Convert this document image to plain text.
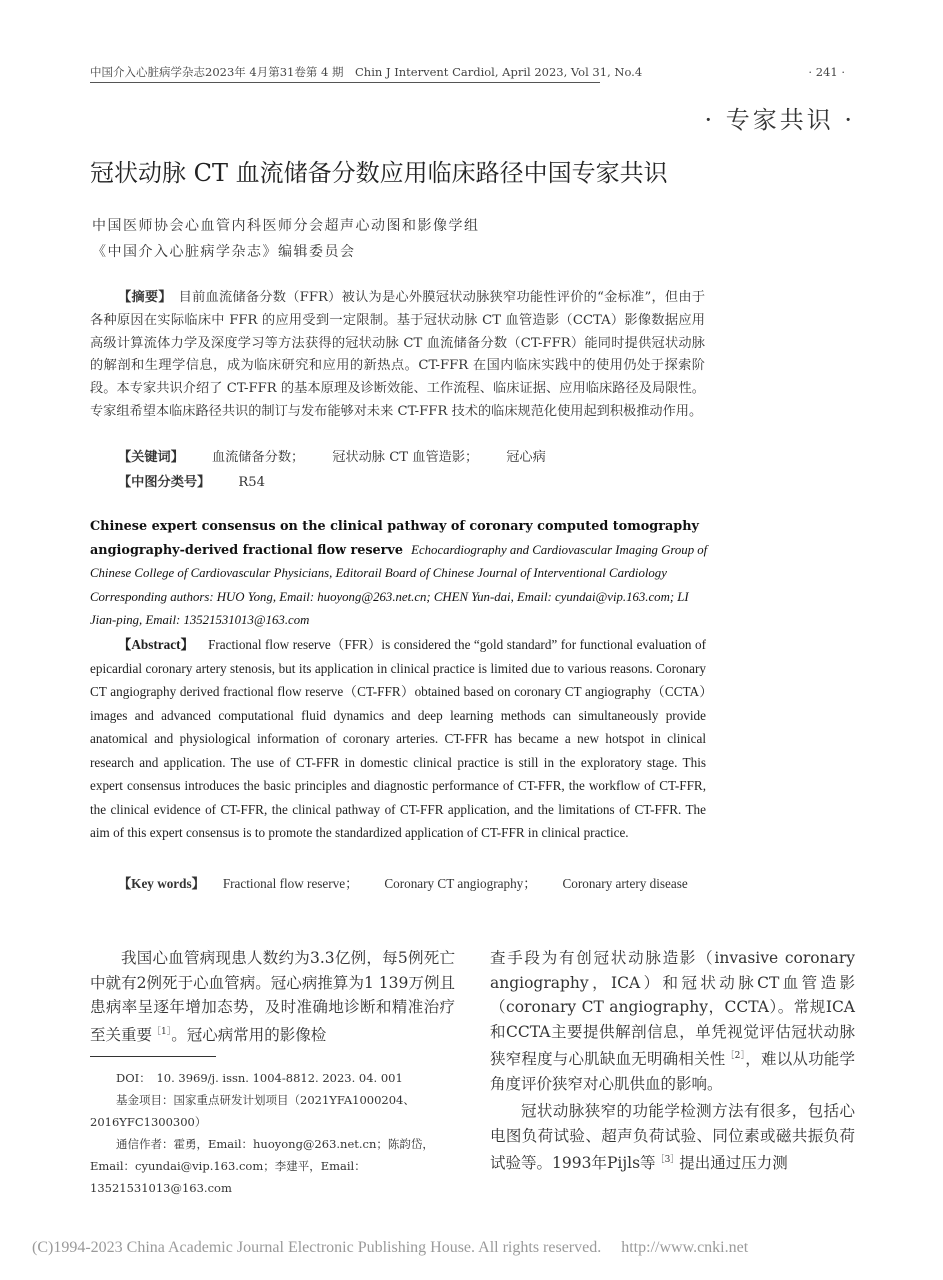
中国介入心脏病学杂志2023年 4月第31卷第 4 期　Chin J Intervent Cardiol, April 2023, Vol 31, No.4	· 241 ·
· 专家共识 ·
冠状动脉 CT 血流储备分数应用临床路径中国专家共识
中国医师协会心血管内科医师分会超声心动图和影像学组
《中国介入心脏病学杂志》编辑委员会

【摘要】　 目前血流储备分数（FFR）被认为是心外膜冠状动脉狭窄功能性评价的“金标准”，但由于各种原因在实际临床中 FFR 的应用受到一定限制。基于冠状动脉 CT 血管造影（CCTA）影像数据应用高级计算流体力学及深度学习等方法获得的冠状动脉 CT 血流储备分数（CT-FFR）能同时提供冠状动脉的解剖和生理学信息，成为临床研究和应用的新热点。CT-FFR 在国内临床实践中的使用仍处于探索阶段。本专家共识介绍了 CT-FFR 的基本原理及诊断效能、工作流程、临床证据、应用临床路径及局限性。专家组希望本临床路径共识的制订与发布能够对未来 CT-FFR 技术的临床规范化使用起到积极推动作用。

【关键词】 血流储备分数； 冠状动脉 CT 血管造影； 冠心病
【中图分类号】 R54
Chinese expert consensus on the clinical pathway of coronary computed tomography angiography-derived fractional flow reserve Echocardiography and Cardiovascular Imaging Group of Chinese College of Cardiovascular Physicians, Editorail Board of Chinese Journal of Interventional Cardiology
Corresponding authors: HUO Yong, Email: huoyong@263.net.cn; CHEN Yun-dai, Email: cyundai@vip.163.com; LI Jian-ping, Email: 13521531013@163.com

【Abstract】 Fractional flow reserve（FFR）is considered the “gold standard” for functional evaluation of epicardial coronary artery stenosis, but its application in clinical practice is limited due to various reasons. Coronary CT angiography derived fractional flow reserve（CT-FFR）obtained based on coronary CT angiography（CCTA）images and advanced computational fluid dynamics and deep learning methods can simultaneously provide anatomical and physiological information of coronary arteries. CT-FFR has became a new hotspot in clinical research and application. The use of CT-FFR in domestic clinical practice is still in the exploratory stage. This expert consensus introduces the basic principles and diagnostic performance of CT-FFR, the workflow of CT-FFR, the clinical evidence of CT-FFR, the clinical pathway of CT-FFR application, and the limitations of CT-FFR. The aim of this expert consensus is to promote the standardized application of CT-FFR in clinical practice.

【Key words】 Fractional flow reserve； Coronary CT angiography； Coronary artery disease

我国心血管病现患人数约为3.3亿例，每5例死亡中就有2例死于心血管病。冠心病推算为1 139万例且患病率呈逐年增加态势，及时准确地诊断和精准治疗至关重要$^{[1]}$。冠心病常用的影像检

查手段为有创冠状动脉造影（invasive coronary angiography，ICA）和冠状动脉CT血管造影（coronary CT angiography，CCTA）。常规ICA和CCTA主要提供解剖信息，单凭视觉评估冠状动脉狭窄程度与心肌缺血无明确相关性$^{[2]}$，难以从功能学角度评价狭窄对心肌供血的影响。

冠状动脉狭窄的功能学检测方法有很多，包括心电图负荷试验、超声负荷试验、同位素或磁共振负荷试验等。1993年Pijls等$^{[3]}$提出通过压力测

DOI：　10. 3969/j. issn. 1004-8812. 2023. 04. 001

基金项目：国家重点研发计划项目（2021YFA1000204、2016YFC1300300）

通信作者：霍勇，Email：huoyong@263.net.cn；陈韵岱，Email：cyundai@vip.163.com；李建平，Email：13521531013@163.com

(C)1994-2023 China Academic Journal Electronic Publishing House. All rights reserved.　 http://www.cnki.net
